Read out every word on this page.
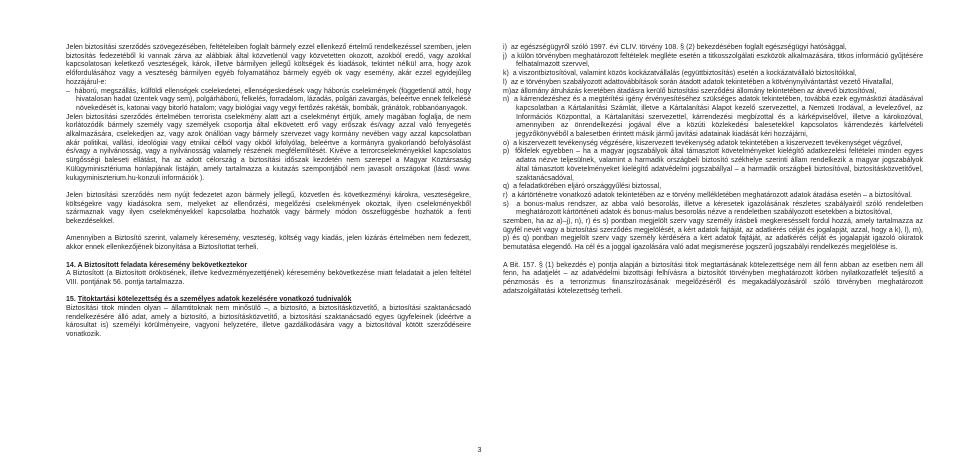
Jelen biztosítási szerződés szövegezésében, feltételeiben foglalt bármely ezzel ellenkező értelmű rendelkezéssel szemben, jelen biztosítás fedezetéből ki vannak zárva az alábbiak által közvetlenül vagy közvetetten okozott, azokból eredő, vagy azokkal kapcsolatosan keletkező veszteségek, károk, illetve bármilyen jellegű költségek és kiadások, tekintet nélkül arra, hogy azok előfordulásához vagy a veszteség bármilyen egyéb folyamatához bármely egyéb ok vagy esemény, akár ezzel egyidejűleg hozzájárul-e:

–  háború, megszállás, külföldi ellenségek cselekedetei, ellenségeskedések vagy háborús cselekmények (függetlenül attól, hogy hivatalosan hadat üzentek vagy sem), polgárháború, felkelés, forradalom, lázadás, polgári zavargás, beleértve ennek felkelésé növekedését is, katonai vagy bitorló hatalom; vagy biológiai vagy vegyi fertőzés rakéták, bombák, gránátok, robbanóanyagok.

Jelen biztosítási szerződés értelmében terrorista cselekmény alatt azt a cselekményt értjük, amely magában foglalja, de nem korlátozódik bármely személy vagy személyek csoportja által elkövetett erő vagy erőszak és/vagy azzal való fenyegetés alkalmazására, cselekedjen az, vagy azok önállóan vagy bármely szervezet vagy kormány nevében vagy azzal kapcsolatban akár politikai, vallási, ideológiai vagy etnikai célból vagy okból kifolyólag, beleértve a kormányra gyakorlandó befolyásolást és/vagy a nyilvánosság, vagy a nyilvánosság valamely részének megfélemlítését. Kivéve a terrorcselekményekkel kapcsolatos sürgősségi baleseti ellátást, ha az adott célország a biztosítási időszak kezdetén nem szerepel a Magyar Köztársaság Külügyminisztériuma honlapjának listáján, amely tartalmazza a kiutazás szempontjából nem javasolt országokat (lásd: www. kulugyminiszterium.hu-konzuli információk ).

Jelen biztosítási szerződés nem nyújt fedezetet azon bármely jellegű, közvetlen és következményi károkra, veszteségekre, költségekre vagy kiadásokra sem, melyeket az ellenőrzési, megelőzési cselekmények okoztak, ilyen cselekményekből származnak vagy ilyen cselekményekkel kapcsolatba hozhatók vagy bármely módon összefüggésbe hozhatók a fenti bekezdésekkel.

Amennyiben a Biztosító szerint, valamely kéresemény, veszteség, költség vagy kiadás, jelen kizárás értelmében nem fedezett, akkor ennek ellenkezőjének bizonyítása a Biztosítottat terheli.

14. A Biztosított feladata kéresemény bekövetkeztekor

A Biztosított (a Biztosított örökösének, illetve kedvezményezettjének) kéresemény bekövetkezése miatt feladatait a jelen feltétel VIII. pontjának 56. pontja tartalmazza.

15. Titoktartási kötelezettség és a személyes adatok kezelésére vonatkozó tudnivalók

Biztosítási titok minden olyan – államtitoknak nem minősülő –, a biztosító, a biztosításközvetítő, a biztosítási szaktanácsadó rendelkezésére álló adat, amely a biztosító, a biztosításközvetítő, a biztosítási szaktanácsadó egyes ügyfeleinek (ideértve a károsultat is) személyi körülményeire, vagyoni helyzetére, illetve gazdálkodására vagy a biztosítóval kötött szerződéseire vonatkozik.

i)  az egészségügyről szóló 1997. évi CLIV. törvény 108. § (2) bekezdésében foglalt egészségügyi hatósággal,

j)  a külön törvényben meghatározott feltételek meglléte esetén a titkosszolgálati eszközök alkalmazására, titkos információ gyűjtésére felhatalmazott szervvel,

k)  a viszontbiztosítóval, valamint közös kockázatvállalás (együttbiztosítás) esetén a kockázatvállaló biztosítókkal,

l)  az e törvényben szabályozott adattovábbítások során átadott adatok tekintetében a kötvénynyilvántartást vezető Hivatallal,

m)az állomány átruházás keretében átadásra kerülő biztosítási szerződési állomány tekintetében az átvevő biztosítóval,

n)  a kárrendezéshez és a megtérítési igény érvényesítéséhez szükséges adatok tekintetében, továbbá ezek egymásközi átadásával kapcsolatban a Kártalanítási Számlát, illetve a Kártalanítási Alapot kezelő szervezettel, a Nemzeti Irodával, a levelezővel, az Információs Központtal, a Kártalanítási szervezettel, kárrendezési megbízottal és a kárképviselővel, illetve a károkozóval, amennyiben az önrendelkezési jogával élve a közúti közlekedési balesetekkel kapcsolatos kárrendezés kárfelvételi jegyzőkönyvéből a balesetben érintett másik jármű javítási adatainak kiadását kéri hozzájárni,

o)  a kiszervezett tevékenység végzésére, kiszervezett tevékenység adatok tekintetében a kiszervezett tevékenységet végzővel,

p)  főkfelek egyebben – ha a magyar jogszabályok által támasztott követelményeket kielégítő adatkezelési feltételei minden egyes adatra nézve teljesülnek, valamint a harmadik országbeli biztosító székhelye szerinti állam rendelkezik a magyar jogszabályok által támasztott követelményeket kielégítő adatvédelmi jogszabállyal – a harmadik országbeli biztosítóval, biztosításközvetítővel, szaktanácsadóval,

q)  a feladatkörében eljáró országgyűlési biztossal,

r)  a kártörténetre vonatkozó adatok tekintetében az e törvény mellékletében meghatározott adatok átadása esetén – a biztosítóval.

s)  a bonus-malus rendszer, az abba való besorolás, illetve a kéresetek igazolásának részletes szabályairól szóló rendeletben meghatározott kártörténeti adatok és bonus-malus besorolás nézve a rendeletben szabályozott esetekben a biztosítóval,

szemben, ha az a)–j), n), r) és s) pontban megjelölt szerv vagy személy írásbeli megkeresésselt fordul hozzá, amely tartalmazza az ügyfél nevét vagy a biztosítási szerződés megjelölését, a kért adatok fajtáját, az adatkérés célját és jogalapját, azzal, hogy a k), l), m), p) és q) pontban megjelölt szerv vagy személy kérdéséra a kért adatok fajtáját, az adatkérés célját és jogalapját igazoló okiratok bemutatása elegendő. Ha cél és a joggal igazolására való adat megismerése jogszerű jogszabályi rendelkezés megjelölése is.

A Bit. 157. § (1) bekezdés e) pontja alapján a biztosítási titok megtartásának kötelezettsége nem áll fenn abban az esetben nem áll fenn, ha adatjelét – az adatvédelmi bizottsági felhívásra a biztosítót törvényben meghatározott körben nyilatkozatfelét teljesítő a pénzmosás és a terrorizmus finanszírozásának megelőzéséről és megakadályozásáról szóló törvényben meghatározott adatszolgáltatási kötelezettség terheli.

3
